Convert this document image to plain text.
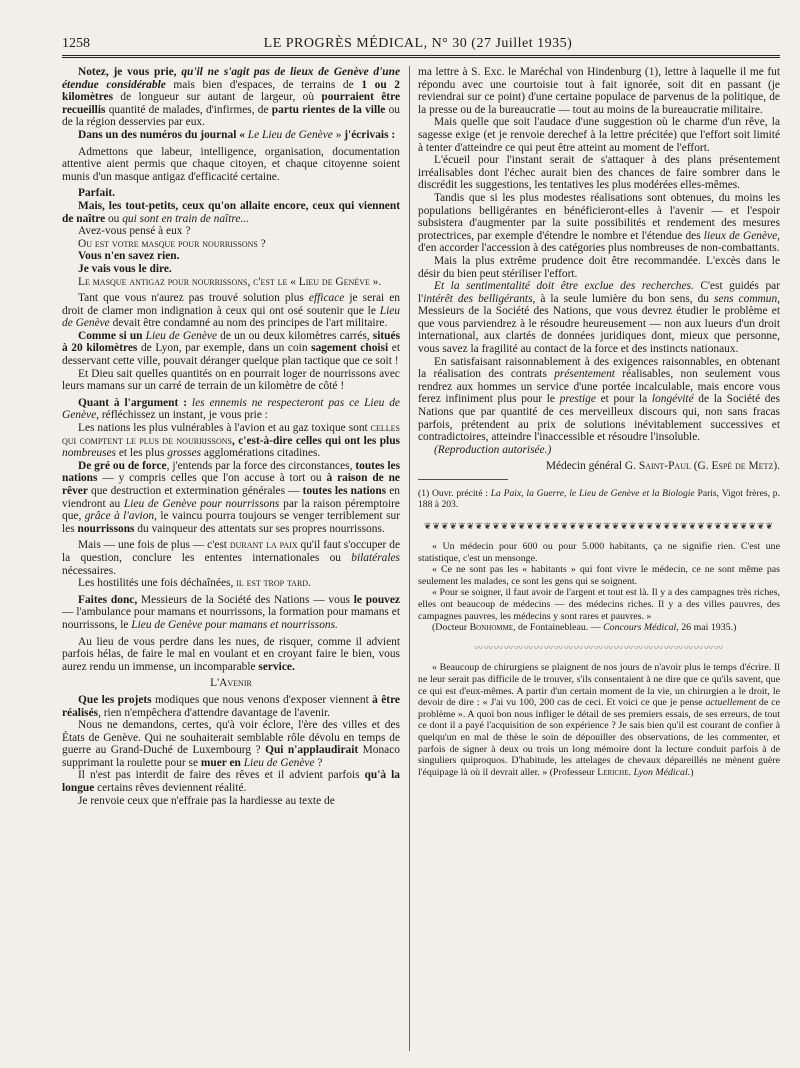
1258	LE PROGRÈS MÉDICAL, N° 30 (27 Juillet 1935)

Notez, je vous prie, qu'il ne s'agit pas de lieux de Genève d'une étendue considérable mais bien d'espaces, de terrains de 1 ou 2 kilomètres de longueur sur autant de largeur, où pourraient être recueillis quantité de malades, d'infirmes, de partu rientes de la ville ou de la région desservies par eux.

Dans un des numéros du journal « Le Lieu de Genève » j'écrivais :

Admettons que labeur, intelligence, organisation, documentation attentive aient permis que chaque citoyen, et chaque citoyenne soient munis d'un masque antigaz d'efficacité certaine.

Parfait.

Mais, les tout-petits, ceux qu'on allaite encore, ceux qui viennent de naître ou qui sont en train de naître...

Avez-vous pensé à eux ?

Ou est votre masque pour nourrissons ?

Vous n'en savez rien.

Je vais vous le dire.

Le masque antigaz pour nourrissons, c'est le « Lieu de Genève ».

Tant que vous n'aurez pas trouvé solution plus efficace je serai en droit de clamer mon indignation à ceux qui ont osé soutenir que le Lieu de Genève devait être condamné au nom des principes de l'art militaire.

Comme si un Lieu de Genève de un ou deux kilomètres carrés, situés à 20 kilomètres de Lyon, par exemple, dans un coin sagement choisi et desservant cette ville, pouvait déranger quelque plan tactique que ce soit !

Et Dieu sait quelles quantités on en pourrait loger de nourrissons avec leurs mamans sur un carré de terrain de un kilomètre de côté !

Quant à l'argument : les ennemis ne respecteront pas ce Lieu de Genève, réfléchissez un instant, je vous prie :

Les nations les plus vulnérables à l'avion et au gaz toxique sont celles qui comptent le plus de nourrissons, c'est-à-dire celles qui ont les plus nombreuses et les plus grosses agglomérations citadines.

De gré ou de force, j'entends par la force des circonstances, toutes les nations — y compris celles que l'on accuse à tort ou à raison de ne rêver que destruction et extermination générales — toutes les nations en viendront au Lieu de Genève pour nourrissons par la raison péremptoire que, grâce à l'avion, le vaincu pourra toujours se venger terriblement sur les nourrissons du vainqueur des attentats sur ses propres nourrissons.

Mais — une fois de plus — c'est durant la paix qu'il faut s'occuper de la question, conclure les ententes internationales ou bilatérales nécessaires.

Les hostilités une fois déchaînées, il est trop tard.

Faites donc, Messieurs de la Société des Nations — vous le pouvez — l'ambulance pour mamans et nourrissons, la formation pour mamans et nourrissons, le Lieu de Genève pour mamans et nourrissons.

Au lieu de vous perdre dans les nues, de risquer, comme il advient parfois hélas, de faire le mal en voulant et en croyant faire le bien, vous aurez rendu un immense, un incomparable service.

L'Avenir

Que les projets modiques que nous venons d'exposer viennent à être réalisés, rien n'empêchera d'attendre davantage de l'avenir.

Nous ne demandons, certes, qu'à voir éclore, l'ère des villes et des États de Genève. Qui ne souhaiterait semblable rôle dévolu en temps de guerre au Grand-Duché de Luxembourg ? Qui n'applaudirait Monaco supprimant la roulette pour se muer en Lieu de Genève ?

Il n'est pas interdit de faire des rêves et il advient parfois qu'à la longue certains rêves deviennent réalité.

Je renvoie ceux que n'effraie pas la hardiesse au texte de

ma lettre à S. Exc. le Maréchal von Hindenburg (1), lettre à laquelle il me fut répondu avec une courtoisie tout à fait ignorée, soit dit en passant (je reviendrai sur ce point) d'une certaine populace de parvenus de la politique, de la presse ou de la bureaucratie — tout au moins de la bureaucratie militaire.

Mais quelle que soit l'audace d'une suggestion où le charme d'un rêve, la sagesse exige (et je renvoie derechef à la lettre précitée) que l'effort soit limité à tenter d'atteindre ce qui peut être atteint au moment de l'effort.

L'écueil pour l'instant serait de s'attaquer à des plans présentement irréalisables dont l'échec aurait bien des chances de faire sombrer dans le discrédit les suggestions, les tentatives les plus modérées elles-mêmes.

Tandis que si les plus modestes réalisations sont obtenues, du moins les populations belligérantes en bénéficieront-elles à l'avenir — et l'espoir subsistera d'augmenter par la suite possibilités et rendement des mesures protectrices, par exemple d'étendre le nombre et l'étendue des lieux de Genève, d'en accorder l'accession à des catégories plus nombreuses de non-combattants.

Mais la plus extrême prudence doit être recommandée. L'excès dans le désir du bien peut stériliser l'effort.

Et la sentimentalité doit être exclue des recherches. C'est guidés par l'intérêt des belligérants, à la seule lumière du bon sens, du sens commun, Messieurs de la Société des Nations, que vous devrez étudier le problème et que vous parviendrez à le résoudre heureusement — non aux lueurs d'un droit international, aux clartés de données juridiques dont, mieux que personne, vous savez la fragilité au contact de la force et des instincts nationaux.

En satisfaisant raisonnablement à des exigences raisonnables, en obtenant la réalisation des contrats présentement réalisables, non seulement vous rendrez aux hommes un service d'une portée incalculable, mais encore vous ferez infiniment plus pour le prestige et pour la longévité de la Société des Nations que par quantité de ces merveilleux discours qui, non sans fracas parfois, prétendent au prix de solutions inévitablement successives et contradictoires, atteindre l'inaccessible et résoudre l'insoluble.

(Reproduction autorisée.)

Médecin général G. Saint-Paul (G. Espé de Metz).

(1) Ouvr. précité : La Paix, la Guerre, le Lieu de Genève et la Biologie Paris, Vigot frères, p. 188 à 203.

❦❦❦❦❦❦❦❦❦❦❦❦❦❦❦❦❦❦❦❦❦❦❦❦❦❦❦❦❦❦❦❦❦❦❦❦❦❦❦❦❦

« Un médecin pour 600 ou pour 5.000 habitants, ça ne signifie rien. C'est une statistique, c'est un mensonge.

« Ce ne sont pas les « habitants » qui font vivre le médecin, ce ne sont même pas seulement les malades, ce sont les gens qui se soignent.

« Pour se soigner, il faut avoir de l'argent et tout est là. Il y a des campagnes très riches, elles ont beaucoup de médecins — des médecins riches. Il y a des villes pauvres, des campagnes pauvres, les médecins y sont rares et pauvres. »

(Docteur Bonhomme, de Fontainebleau. — Concours Médical, 26 mai 1935.)

〰〰〰〰〰〰〰〰〰〰〰〰〰〰〰〰〰〰〰〰〰〰〰〰〰

« Beaucoup de chirurgiens se plaignent de nos jours de n'avoir plus le temps d'écrire. Il ne leur serait pas difficile de le trouver, s'ils consentaient à ne dire que ce qu'ils savent, que ce qui est d'eux-mêmes. A partir d'un certain moment de la vie, un chirurgien a le droit, le devoir de dire : « J'ai vu 100, 200 cas de ceci. Et voici ce que je pense actuellement de ce problème ». A quoi bon nous infliger le détail de ses premiers essais, de ses erreurs, de tout ce dont il a payé l'acquisition de son expérience ? Je sais bien qu'il est courant de confier à quelqu'un en mal de thèse le soin de dépouiller des observations, de les commenter, et parfois de signer à deux ou trois un long mémoire dont la lecture conduit parfois à de singuliers quiproquos. D'habitude, les attelages de chevaux dépareillés ne mènent guère l'équipage là où il devrait aller. » (Professeur Leriche. Lyon Médical.)
